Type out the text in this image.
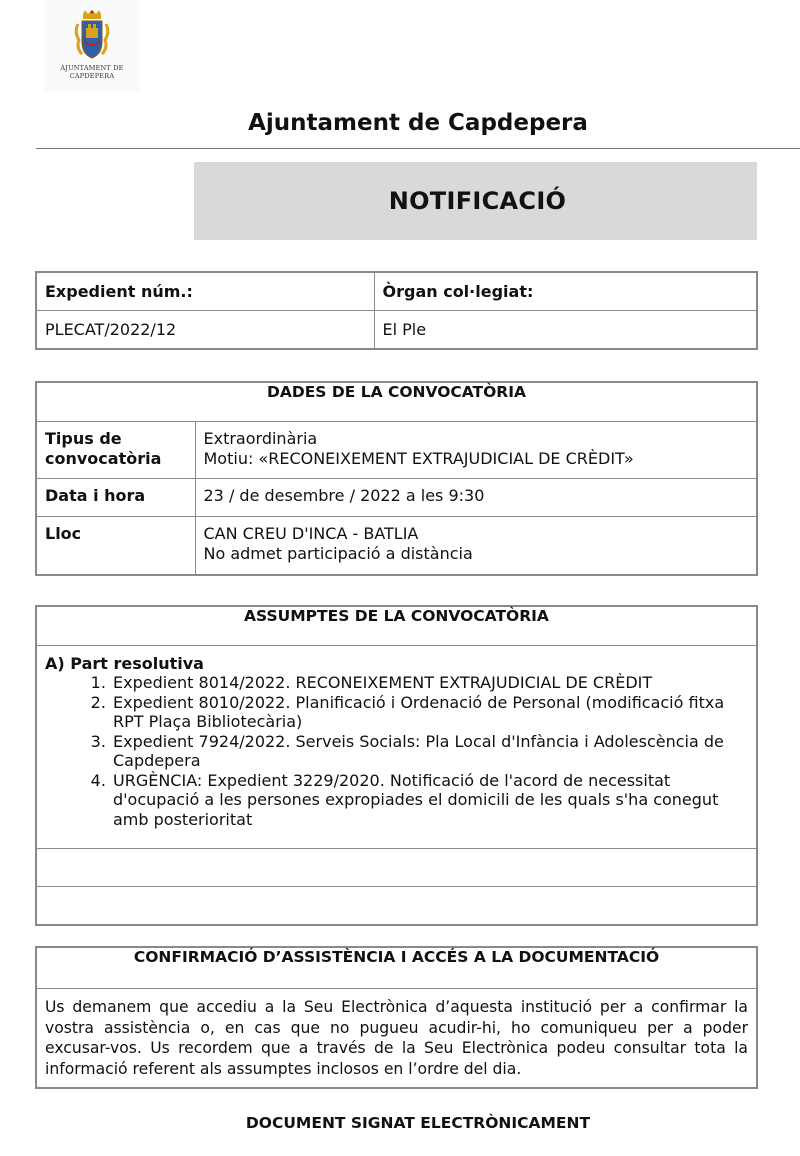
AJUNTAMENT DE CAPDEPERA
Ajuntament de Capdepera
NOTIFICACIÓ
Expedient núm.:	Òrgan col·legiat:
PLECAT/2022/12	El Ple
DADES DE LA CONVOCATÒRIA	
Tipus de convocatòria	Extraordinària
Motiu: «RECONEIXEMENT EXTRAJUDICIAL DE CRÈDIT»

Data i hora	23 / de desembre / 2022 a les 9:30
Lloc	CAN CREU D'INCA - BATLIA
No admet participació a distància
ASSUMPTES DE LA CONVOCATÒRIA

A) Part resolutiva
1. Expedient 8014/2022. RECONEIXEMENT EXTRAJUDICIAL DE CRÈDIT
2. Expedient 8010/2022. Planificació i Ordenació de Personal (modificació fitxa RPT Plaça Bibliotecària)
3. Expedient 7924/2022. Serveis Socials: Pla Local d'Infància i Adolescència de Capdepera
4. URGÈNCIA: Expedient 3229/2020. Notificació de l'acord de necessitat d'ocupació a les persones expropiades el domicili de les quals s'ha conegut amb posterioritat

CONFIRMACIÓ D’ASSISTÈNCIA I ACCÉS A LA DOCUMENTACIÓ
Us demanem que accediu a la Seu Electrònica d’aquesta institució per a confirmar la vostra assistència o, en cas que no pugueu acudir-hi, ho comuniqueu per a poder excusar-vos. Us recordem que a través de la Seu Electrònica podeu consultar tota la informació referent als assumptes inclosos en l’ordre del dia.
DOCUMENT SIGNAT ELECTRÒNICAMENT
